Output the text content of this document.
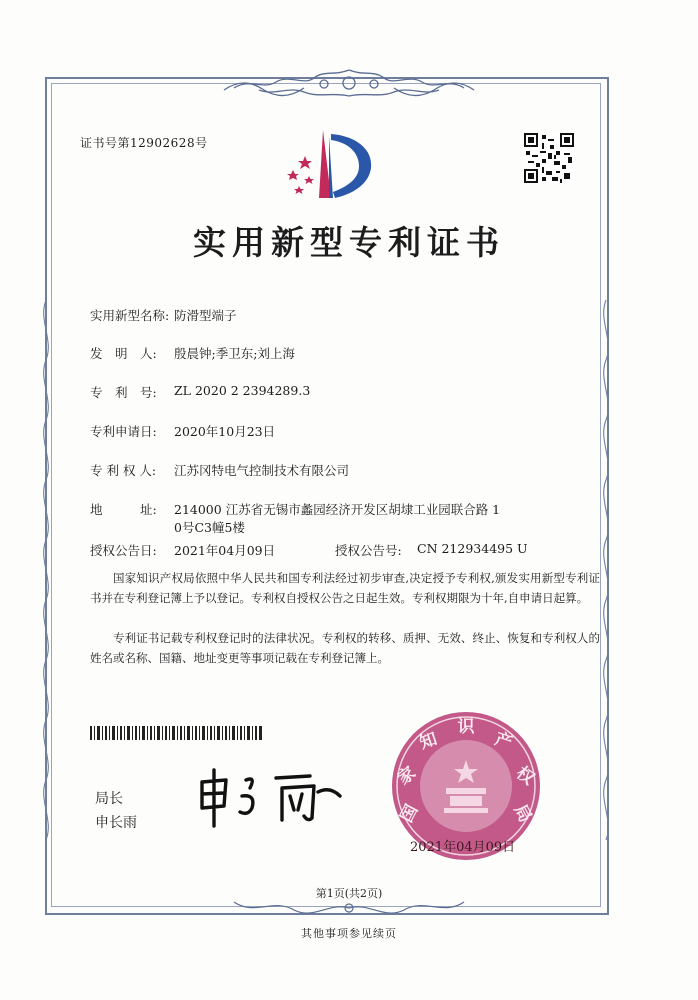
证书号第12902628号
实用新型专利证书
实用新型名称: 防滑型端子
发　明　人: 殷晨钟;季卫东;刘上海
专　利　号: ZL 2020 2 2394289.3
专利申请日: 2020年10月23日
专 利 权 人: 江苏冈特电气控制技术有限公司
地　　　址: 214000 江苏省无锡市蠡园经济开发区胡埭工业园联合路 1
0号C3幢5楼
授权公告日: 2021年04月09日	授权公告号: CN 212934495 U
国家知识产权局依照中华人民共和国专利法经过初步审查,决定授予专利权,颁发实用新型专利证书并在专利登记簿上予以登记。专利权自授权公告之日起生效。专利权期限为十年,自申请日起算。
专利证书记载专利权登记时的法律状况。专利权的转移、质押、无效、终止、恢复和专利权人的姓名或名称、国籍、地址变更等事项记载在专利登记簿上。
局长
申长雨	国
家
知
识
产
权
局
2021年04月09日
第1页(共2页)
其他事项参见续页
